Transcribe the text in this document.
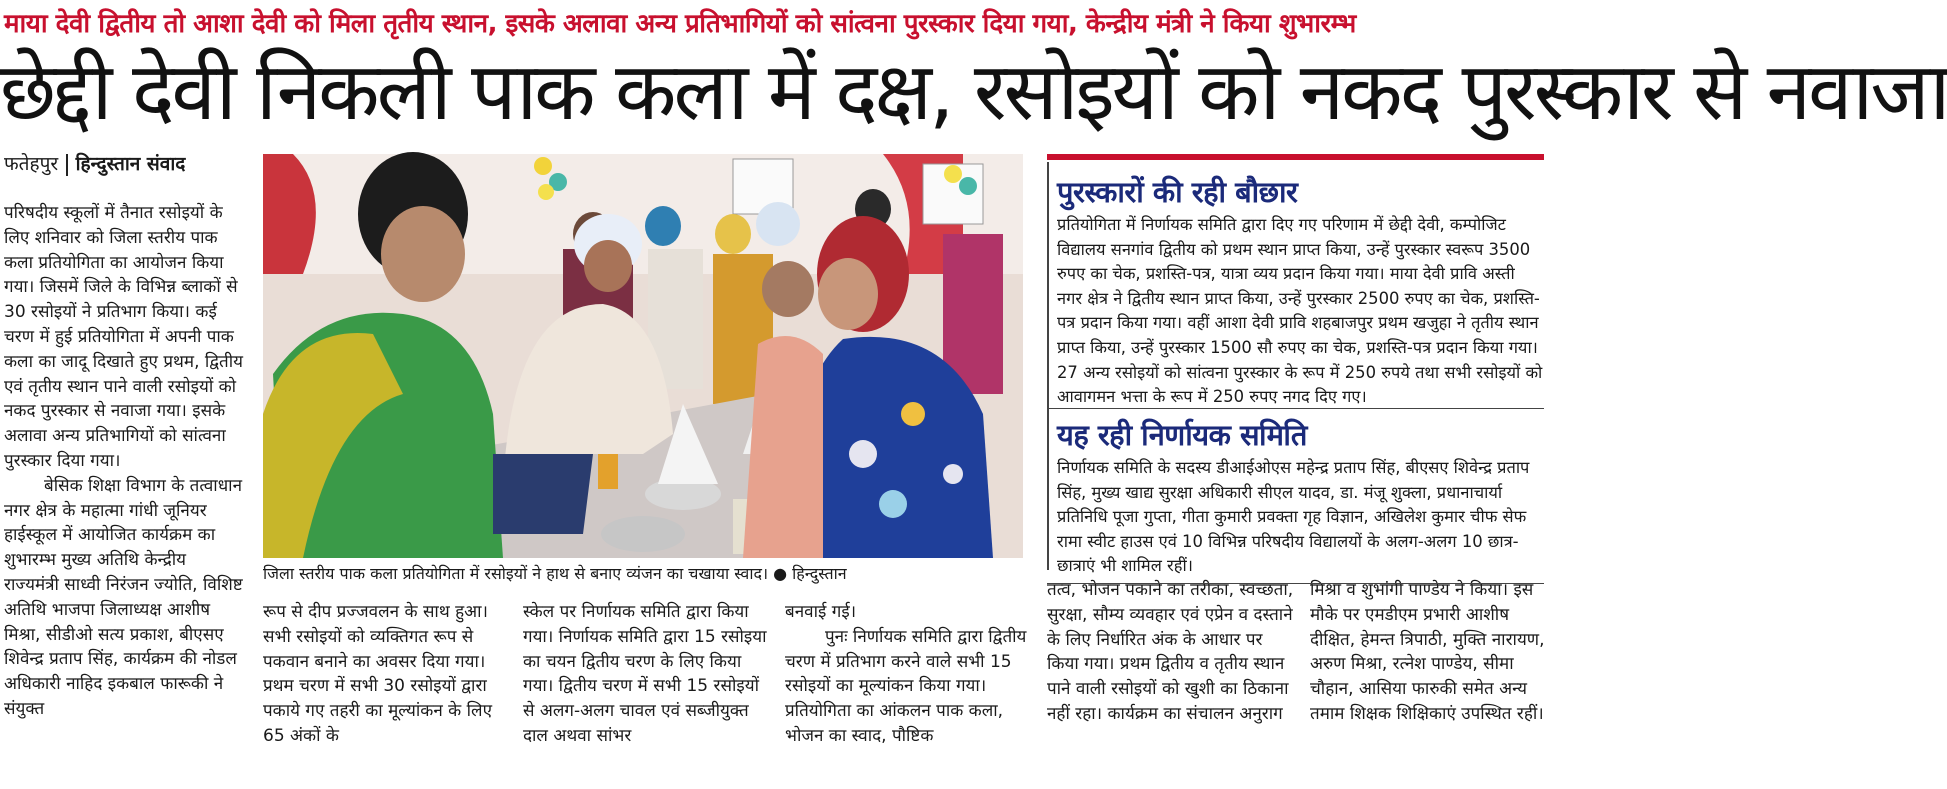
माया देवी द्वितीय तो आशा देवी को मिला तृतीय स्थान, इसके अलावा अन्य प्रतिभागियों को सांत्वना पुरस्कार दिया गया, केन्द्रीय मंत्री ने किया शुभारम्भ
छेद्दी देवी निकली पाक कला में दक्ष, रसोइयों को नकद पुरस्कार से नवाजा
फतेहपुर हिन्दुस्तान संवाद

परिषदीय स्कूलों में तैनात रसोइयों के लिए शनिवार को जिला स्तरीय पाक कला प्रतियोगिता का आयोजन किया गया। जिसमें जिले के विभिन्न ब्लाकों से 30 रसोइयों ने प्रतिभाग किया। कई चरण में हुई प्रतियोगिता में अपनी पाक कला का जादू दिखाते हुए प्रथम, द्वितीय एवं तृतीय स्थान पाने वाली रसोइयों को नकद पुरस्कार से नवाजा गया। इसके अलावा अन्य प्रतिभागियों को सांत्वना पुरस्कार दिया गया।

बेसिक शिक्षा विभाग के तत्वाधान नगर क्षेत्र के महात्मा गांधी जूनियर हाईस्कूल में आयोजित कार्यक्रम का शुभारम्भ मुख्य अतिथि केन्द्रीय राज्यमंत्री साध्वी निरंजन ज्योति, विशिष्ट अतिथि भाजपा जिलाध्यक्ष आशीष मिश्रा, सीडीओ सत्य प्रकाश, बीएसए शिवेन्द्र प्रताप सिंह, कार्यक्रम की नोडल अधिकारी नाहिद इकबाल फारूकी ने संयुक्त

जिला स्तरीय पाक कला प्रतियोगिता में रसोइयों ने हाथ से बनाए व्यंजन का चखाया स्वाद। ● हिन्दुस्तान

रूप से दीप प्रज्जवलन के साथ हुआ। सभी रसोइयों को व्यक्तिगत रूप से पकवान बनाने का अवसर दिया गया। प्रथम चरण में सभी 30 रसोइयों द्वारा पकाये गए तहरी का मूल्यांकन के लिए 65 अंकों के

स्केल पर निर्णायक समिति द्वारा किया गया। निर्णायक समिति द्वारा 15 रसोइया का चयन द्वितीय चरण के लिए किया गया। द्वितीय चरण में सभी 15 रसोइयों से अलग-अलग चावल एवं सब्जीयुक्त दाल अथवा सांभर

बनवाई गई।

पुनः निर्णायक समिति द्वारा द्वितीय चरण में प्रतिभाग करने वाले सभी 15 रसोइयों का मूल्यांकन किया गया। प्रतियोगिता का आंकलन पाक कला, भोजन का स्वाद, पौष्टिक

तत्व, भोजन पकाने का तरीका, स्वच्छता, सुरक्षा, सौम्य व्यवहार एवं एप्रेन व दस्ताने के लिए निर्धारित अंक के आधार पर किया गया। प्रथम द्वितीय व तृतीय स्थान पाने वाली रसोइयों को खुशी का ठिकाना नहीं रहा। कार्यक्रम का संचालन अनुराग

मिश्रा व शुभांगी पाण्डेय ने किया। इस मौके पर एमडीएम प्रभारी आशीष दीक्षित, हेमन्त त्रिपाठी, मुक्ति नारायण, अरुण मिश्रा, रत्नेश पाण्डेय, सीमा चौहान, आसिया फारुकी समेत अन्य तमाम शिक्षक शिक्षिकाएं उपस्थित रहीं।

पुरस्कारों की रही बौछार
प्रतियोगिता में निर्णायक समिति द्वारा दिए गए परिणाम में छेद्दी देवी, कम्पोजिट विद्यालय सनगांव द्वितीय को प्रथम स्थान प्राप्त किया, उन्हें पुरस्कार स्वरूप 3500 रुपए का चेक, प्रशस्ति-पत्र, यात्रा व्यय प्रदान किया गया। माया देवी प्रावि अस्ती नगर क्षेत्र ने द्वितीय स्थान प्राप्त किया, उन्हें पुरस्कार 2500 रुपए का चेक, प्रशस्ति-पत्र प्रदान किया गया। वहीं आशा देवी प्रावि शहबाजपुर प्रथम खजुहा ने तृतीय स्थान प्राप्त किया, उन्हें पुरस्कार 1500 सौ रुपए का चेक, प्रशस्ति-पत्र प्रदान किया गया। 27 अन्य रसोइयों को सांत्वना पुरस्कार के रूप में 250 रुपये तथा सभी रसोइयों को आवागमन भत्ता के रूप में 250 रुपए नगद दिए गए।
यह रही निर्णायक समिति
निर्णायक समिति के सदस्य डीआईओएस महेन्द्र प्रताप सिंह, बीएसए शिवेन्द्र प्रताप सिंह, मुख्य खाद्य सुरक्षा अधिकारी सीएल यादव, डा. मंजू शुक्ला, प्रधानाचार्या प्रतिनिधि पूजा गुप्ता, गीता कुमारी प्रवक्ता गृह विज्ञान, अखिलेश कुमार चीफ सेफ रामा स्वीट हाउस एवं 10 विभिन्न परिषदीय विद्यालयों के अलग-अलग 10 छात्र-छात्राएं भी शामिल रहीं।
